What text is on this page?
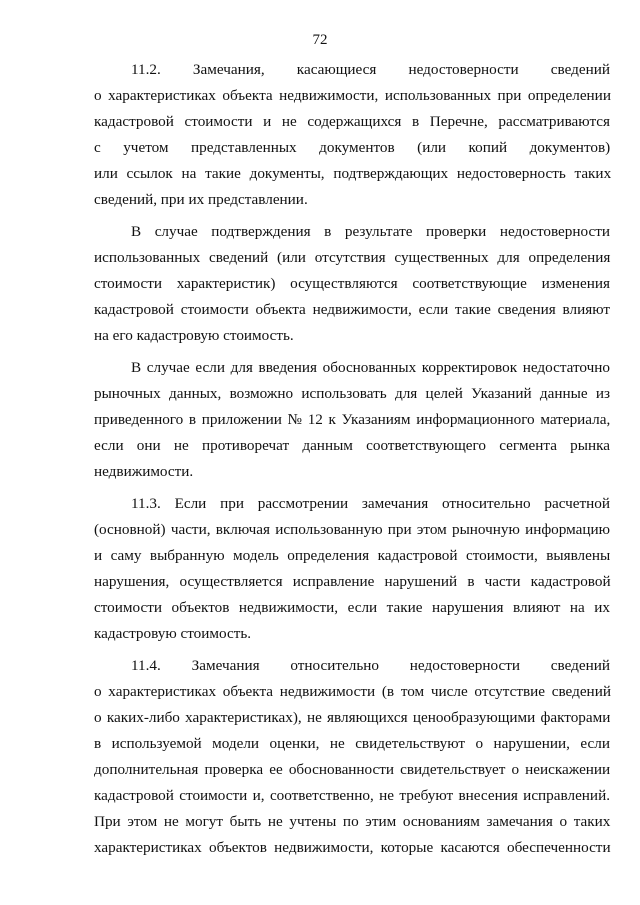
72
11.2. Замечания, касающиеся недостоверности сведений
о характеристиках объекта недвижимости, использованных при определении
кадастровой стоимости и не содержащихся в Перечне, рассматриваются
с учетом представленных документов (или копий документов)
или ссылок на такие документы, подтверждающих недостоверность таких
сведений, при их представлении.
В случае подтверждения в результате проверки недостоверности
использованных сведений (или отсутствия существенных для определения
стоимости характеристик) осуществляются соответствующие изменения
кадастровой стоимости объекта недвижимости, если такие сведения влияют
на его кадастровую стоимость.
В случае если для введения обоснованных корректировок недостаточно
рыночных данных, возможно использовать для целей Указаний данные из
приведенного в приложении № 12 к Указаниям информационного материала,
если они не противоречат данным соответствующего сегмента рынка
недвижимости.
11.3. Если при рассмотрении замечания относительно расчетной
(основной) части, включая использованную при этом рыночную информацию
и саму выбранную модель определения кадастровой стоимости, выявлены
нарушения, осуществляется исправление нарушений в части кадастровой
стоимости объектов недвижимости, если такие нарушения влияют на их
кадастровую стоимость.
11.4. Замечания относительно недостоверности сведений
о характеристиках объекта недвижимости (в том числе отсутствие сведений
о каких-либо характеристиках), не являющихся ценообразующими факторами
в используемой модели оценки, не свидетельствуют о нарушении, если
дополнительная проверка ее обоснованности свидетельствует о неискажении
кадастровой стоимости и, соответственно, не требуют внесения исправлений.
При этом не могут быть не учтены по этим основаниям замечания о таких
характеристиках объектов недвижимости, которые касаются обеспеченности
